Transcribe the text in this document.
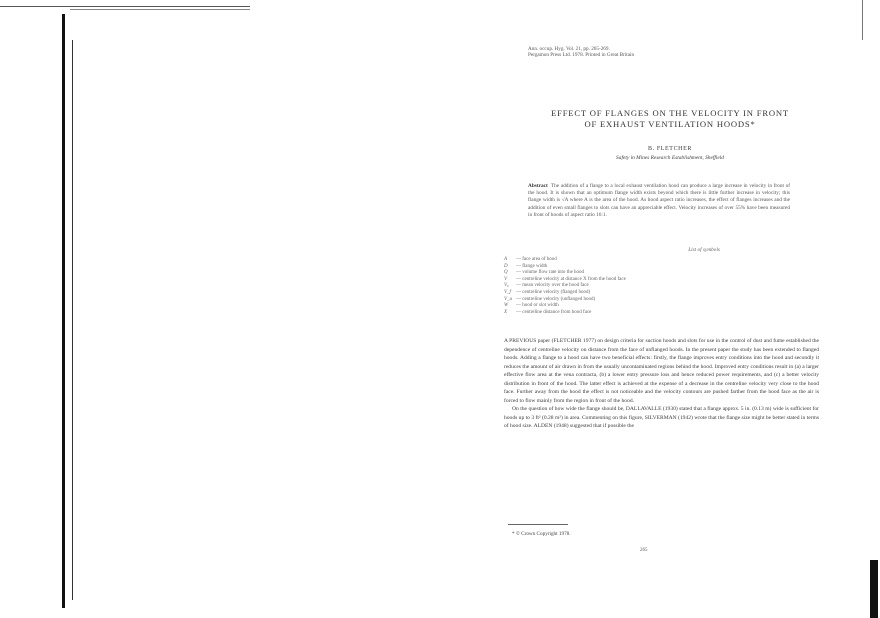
Ann. occup. Hyg. Vol. 21, pp. 265-269.
Pergamon Press Ltd. 1978. Printed in Great Britain
EFFECT OF FLANGES ON THE VELOCITY IN FRONT
OF EXHAUST VENTILATION HOODS*
B. FLETCHER
Safety in Mines Research Establishment, Sheffield
Abstract The addition of a flange to a local exhaust ventilation hood can produce a large increase in velocity in front of the hood. It is shown that an optimum flange width exists beyond which there is little further increase in velocity; this flange width is √A where A is the area of the hood. As hood aspect ratio increases, the effect of flanges increases and the addition of even small flanges to slots can have an appreciable effect. Velocity increases of over 55% have been measured in front of hoods of aspect ratio 16:1.
List of symbols
A — face area of hood
D — flange width
Q — volume flow rate into the hood
V — centreline velocity at distance X from the hood face
V₀ — mean velocity over the hood face
V_f — centreline velocity (flanged hood)
V_u — centreline velocity (unflanged hood)
W — hood or slot width
X — centreline distance from hood face

A PREVIOUS paper (FLETCHER 1977) on design criteria for suction hoods and slots for use in the control of dust and fume established the dependence of centreline velocity on distance from the face of unflanged hoods. In the present paper the study has been extended to flanged hoods. Adding a flange to a hood can have two beneficial effects: firstly, the flange improves entry conditions into the hood and secondly it reduces the amount of air drawn in from the usually uncontaminated regions behind the hood. Improved entry conditions result in (a) a larger effective flow area at the vena contracta, (b) a lower entry pressure loss and hence reduced power requirements, and (c) a better velocity distribution in front of the hood. The latter effect is achieved at the expense of a decrease in the centreline velocity very close to the hood face. Further away from the hood the effect is not noticeable and the velocity contours are pushed farther from the hood face as the air is forced to flow mainly from the region in front of the hood.

On the question of how wide the flange should be, DALLAVALLE (1930) stated that a flange approx. 5 in. (0.13 m) wide is sufficient for hoods up to 3 ft² (0.28 m²) in area. Commenting on this figure, SILVERMAN (1942) wrote that the flange size might be better stated in terms of hood size. ALDEN (1948) suggested that if possible the

* © Crown Copyright 1978.
265
